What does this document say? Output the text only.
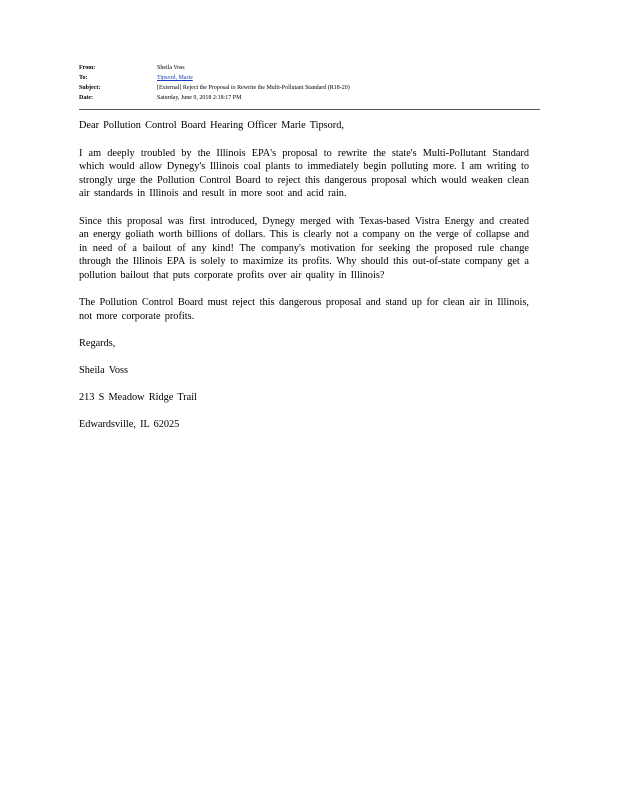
From:	Sheila Voss
To:	Tipsord, Marie
Subject:	[External] Reject the Proposal to Rewrite the Multi-Pollutant Standard (R18-20)
Date:	Saturday, June 9, 2018 2:18:17 PM

Dear Pollution Control Board Hearing Officer Marie Tipsord,

I am deeply troubled by the Illinois EPA's proposal to rewrite the state's Multi-Pollutant Standard which would allow Dynegy's Illinois coal plants to immediately begin polluting more. I am writing to strongly urge the Pollution Control Board to reject this dangerous proposal which would weaken clean air standards in Illinois and result in more soot and acid rain.

Since this proposal was first introduced, Dynegy merged with Texas-based Vistra Energy and created an energy goliath worth billions of dollars. This is clearly not a company on the verge of collapse and in need of a bailout of any kind! The company's motivation for seeking the proposed rule change through the Illinois EPA is solely to maximize its profits. Why should this out-of-state company get a pollution bailout that puts corporate profits over air quality in Illinois?

The Pollution Control Board must reject this dangerous proposal and stand up for clean air in Illinois, not more corporate profits.

Regards,

Sheila Voss

213 S Meadow Ridge Trail

Edwardsville, IL 62025
